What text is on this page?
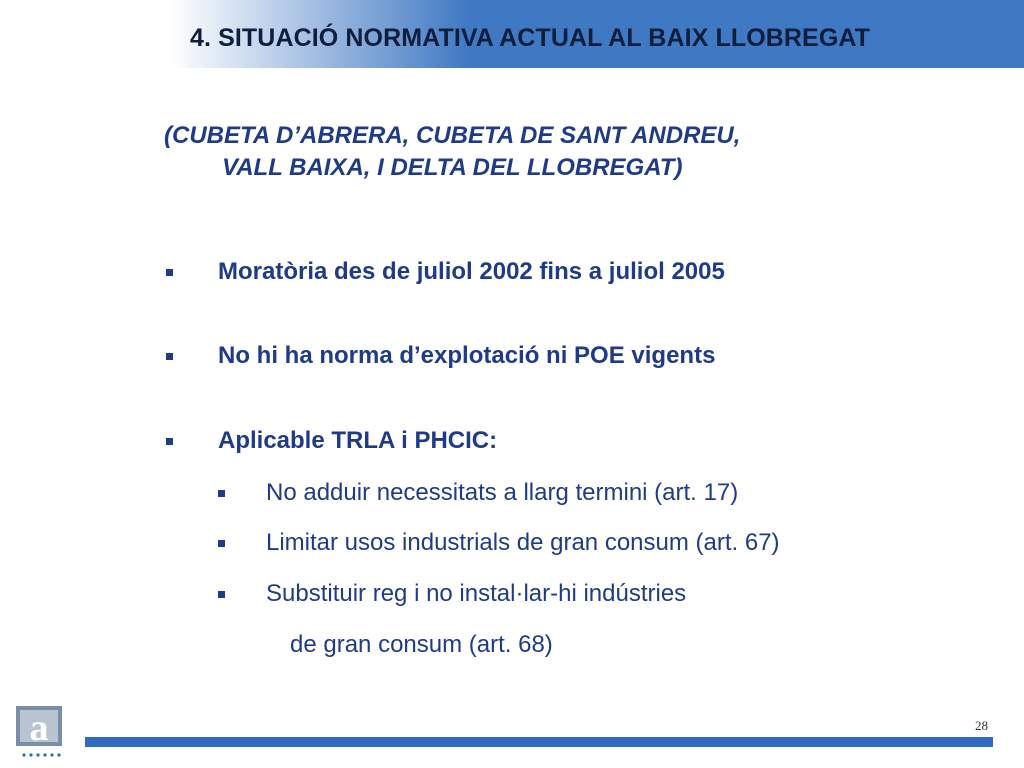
4. SITUACIÓ NORMATIVA ACTUAL AL BAIX LLOBREGAT
(CUBETA D’ABRERA, CUBETA DE SANT ANDREU,
VALL BAIXA, I DELTA DEL LLOBREGAT)
Moratòria des de juliol 2002 fins a juliol 2005
No hi ha norma d’explotació ni POE vigents
Aplicable TRLA i PHCIC:
No adduir necessitats a llarg termini (art. 17)
Limitar usos industrials de gran consum (art. 67)
Substituir reg i no instal·lar-hi indústries
de gran consum (art. 68)
a	28
